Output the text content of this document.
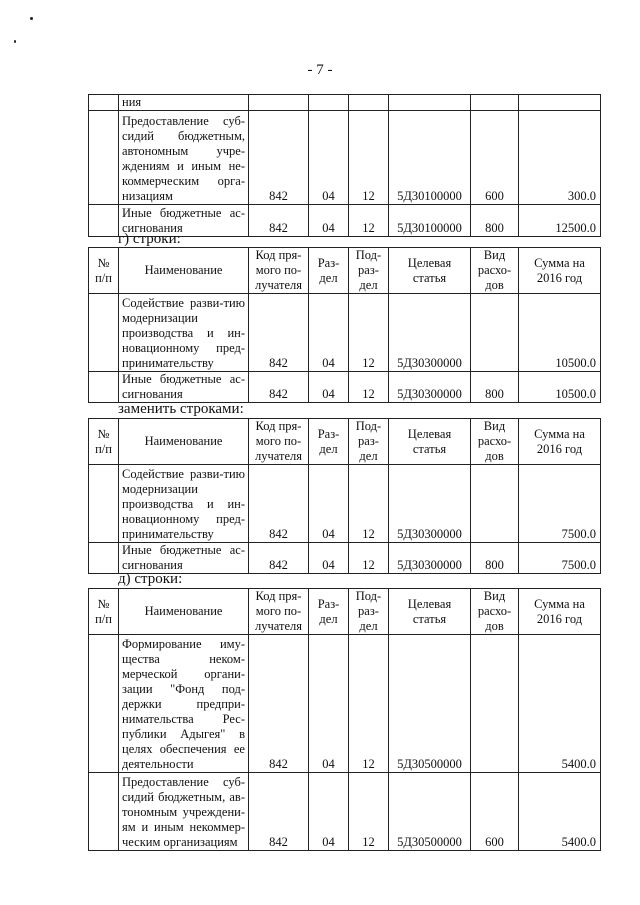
- 7 -
	ния						
	Предоставление суб-сидий бюджетным, автономным учре-ждениям и иным не-коммерческим орга-низациям	842	04	12	5Д30100000	600	300.0
	Иные бюджетные ас-сигнования	842	04	12	5Д30100000	800	12500.0
г) строки:
№ п/п	Наименование	Код пря-мого по-лучателя	Раз-дел	Под-раз-дел	Целевая статья	Вид расхо-дов	Сумма на 2016 год
	Содействие разви-тию модернизации производства и ин-новационному пред-принимательству	842	04	12	5Д30300000		10500.0
	Иные бюджетные ас-сигнования	842	04	12	5Д30300000	800	10500.0
заменить строками:
№ п/п	Наименование	Код пря-мого по-лучателя	Раз-дел	Под-раз-дел	Целевая статья	Вид расхо-дов	Сумма на 2016 год
	Содействие разви-тию модернизации производства и ин-новационному пред-принимательству	842	04	12	5Д30300000		7500.0
	Иные бюджетные ас-сигнования	842	04	12	5Д30300000	800	7500.0
д) строки:
№ п/п	Наименование	Код пря-мого по-лучателя	Раз-дел	Под-раз-дел	Целевая статья	Вид расхо-дов	Сумма на 2016 год
	Формирование иму-щества неком-мерческой органи-зации "Фонд под-держки предпри-нимательства Рес-публики Адыгея" в целях обеспечения ее деятельности	842	04	12	5Д30500000		5400.0
	Предоставление суб-сидий бюджетным, ав-тономным учреждени-ям и иным некоммер-ческим организациям	842	04	12	5Д30500000	600	5400.0
